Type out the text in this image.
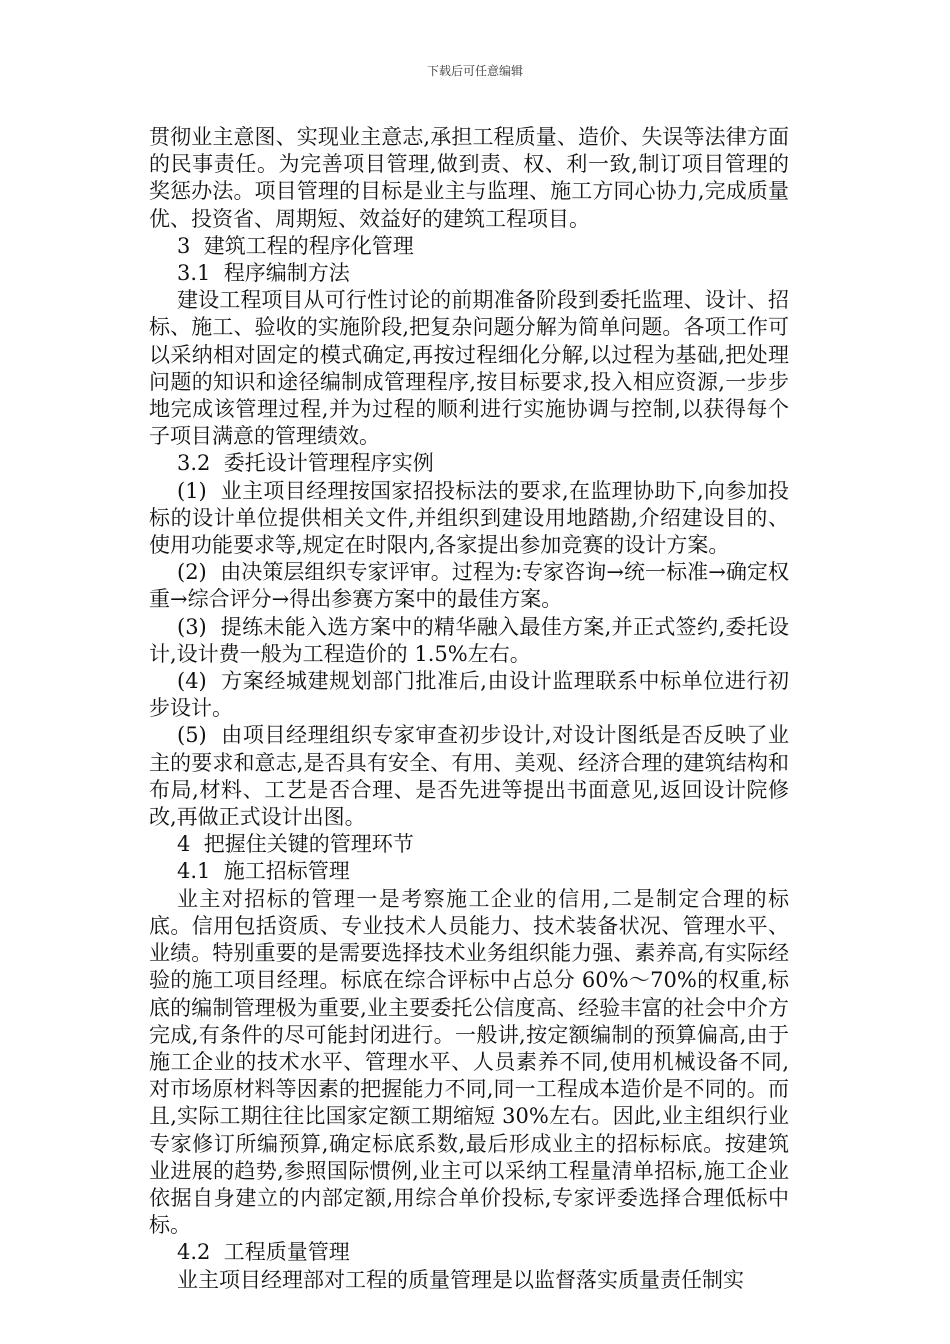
下载后可任意编辑

贯彻业主意图、实现业主意志,承担工程质量、造价、失误等法律方面的民事责任。为完善项目管理,做到责、权、利一致,制订项目管理的奖惩办法。项目管理的目标是业主与监理、施工方同心协力,完成质量优、投资省、周期短、效益好的建筑工程项目。

3  建筑工程的程序化管理

3.1  程序编制方法

建设工程项目从可行性讨论的前期准备阶段到委托监理、设计、招标、施工、验收的实施阶段,把复杂问题分解为简单问题。各项工作可以采纳相对固定的模式确定,再按过程细化分解,以过程为基础,把处理问题的知识和途径编制成管理程序,按目标要求,投入相应资源,一步步地完成该管理过程,并为过程的顺利进行实施协调与控制,以获得每个子项目满意的管理绩效。

3.2  委托设计管理程序实例

(1)  业主项目经理按国家招投标法的要求,在监理协助下,向参加投标的设计单位提供相关文件,并组织到建设用地踏勘,介绍建设目的、使用功能要求等,规定在时限内,各家提出参加竞赛的设计方案。

(2)  由决策层组织专家评审。过程为:专家咨询→统一标准→确定权重→综合评分→得出参赛方案中的最佳方案。

(3)  提练未能入选方案中的精华融入最佳方案,并正式签约,委托设计,设计费一般为工程造价的 1.5%左右。

(4)  方案经城建规划部门批准后,由设计监理联系中标单位进行初步设计。

(5)  由项目经理组织专家审查初步设计,对设计图纸是否反映了业主的要求和意志,是否具有安全、有用、美观、经济合理的建筑结构和布局,材料、工艺是否合理、是否先进等提出书面意见,返回设计院修改,再做正式设计出图。

4  把握住关键的管理环节

4.1  施工招标管理

业主对招标的管理一是考察施工企业的信用,二是制定合理的标底。信用包括资质、专业技术人员能力、技术装备状况、管理水平、业绩。特别重要的是需要选择技术业务组织能力强、素养高,有实际经验的施工项目经理。标底在综合评标中占总分 60%～70%的权重,标底的编制管理极为重要,业主要委托公信度高、经验丰富的社会中介方完成,有条件的尽可能封闭进行。一般讲,按定额编制的预算偏高,由于施工企业的技术水平、管理水平、人员素养不同,使用机械设备不同,对市场原材料等因素的把握能力不同,同一工程成本造价是不同的。而且,实际工期往往比国家定额工期缩短 30%左右。因此,业主组织行业专家修订所编预算,确定标底系数,最后形成业主的招标标底。按建筑业进展的趋势,参照国际惯例,业主可以采纳工程量清单招标,施工企业依据自身建立的内部定额,用综合单价投标,专家评委选择合理低标中标。

4.2  工程质量管理

业主项目经理部对工程的质量管理是以监督落实质量责任制实
